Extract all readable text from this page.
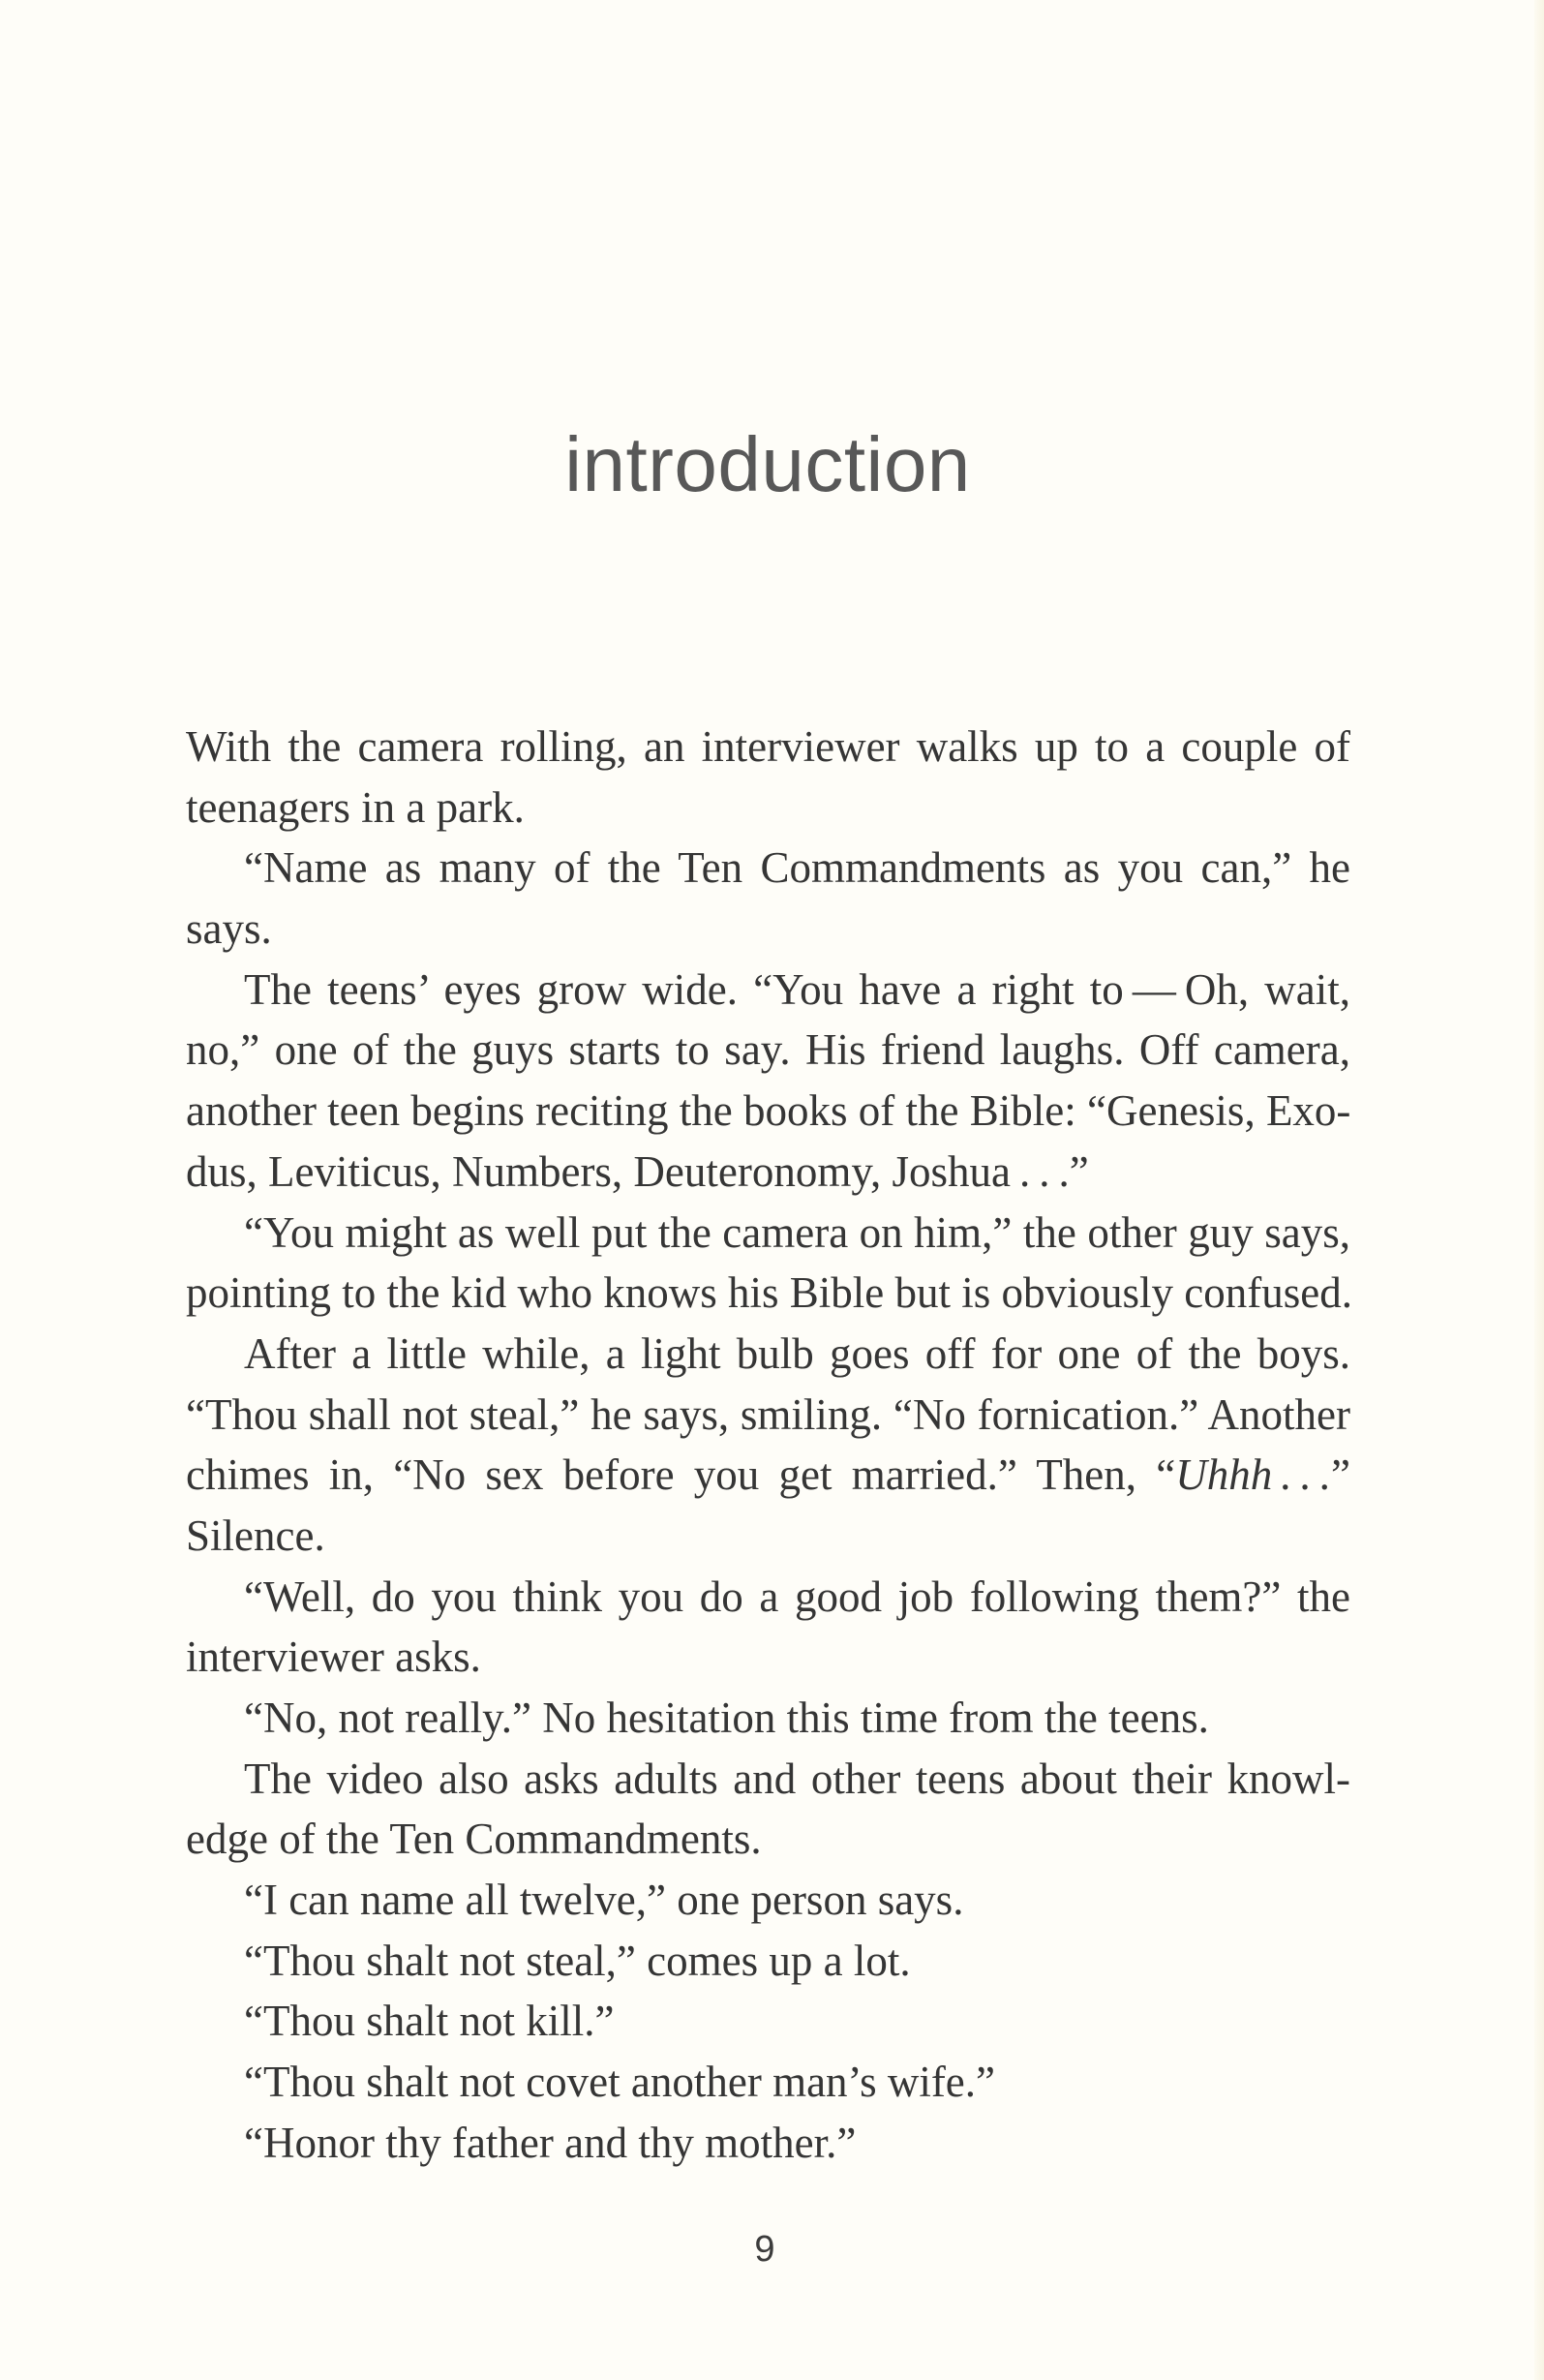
introduction
With the camera rolling, an interviewer walks up to a couple of
teenagers in a park.
“Name as many of the Ten Commandments as you can,” he
says.
The teens’ eyes grow wide. “You have a right to — Oh, wait,
no,” one of the guys starts to say. His friend laughs. Off camera,
another teen begins reciting the books of the Bible: “Genesis, Exo-
dus, Leviticus, Numbers, Deuteronomy, Joshua . . .”
“You might as well put the camera on him,” the other guy says,
pointing to the kid who knows his Bible but is obviously confused.
After a little while, a light bulb goes off for one of the boys.
“Thou shall not steal,” he says, smiling. “No fornication.” Another
chimes in, “No sex before you get married.” Then, “Uhhh . . .”
Silence.
“Well, do you think you do a good job following them?” the
interviewer asks.
“No, not really.” No hesitation this time from the teens.
The video also asks adults and other teens about their knowl-
edge of the Ten Commandments.
“I can name all twelve,” one person says.
“Thou shalt not steal,” comes up a lot.
“Thou shalt not kill.”
“Thou shalt not covet another man’s wife.”
“Honor thy father and thy mother.”
9
